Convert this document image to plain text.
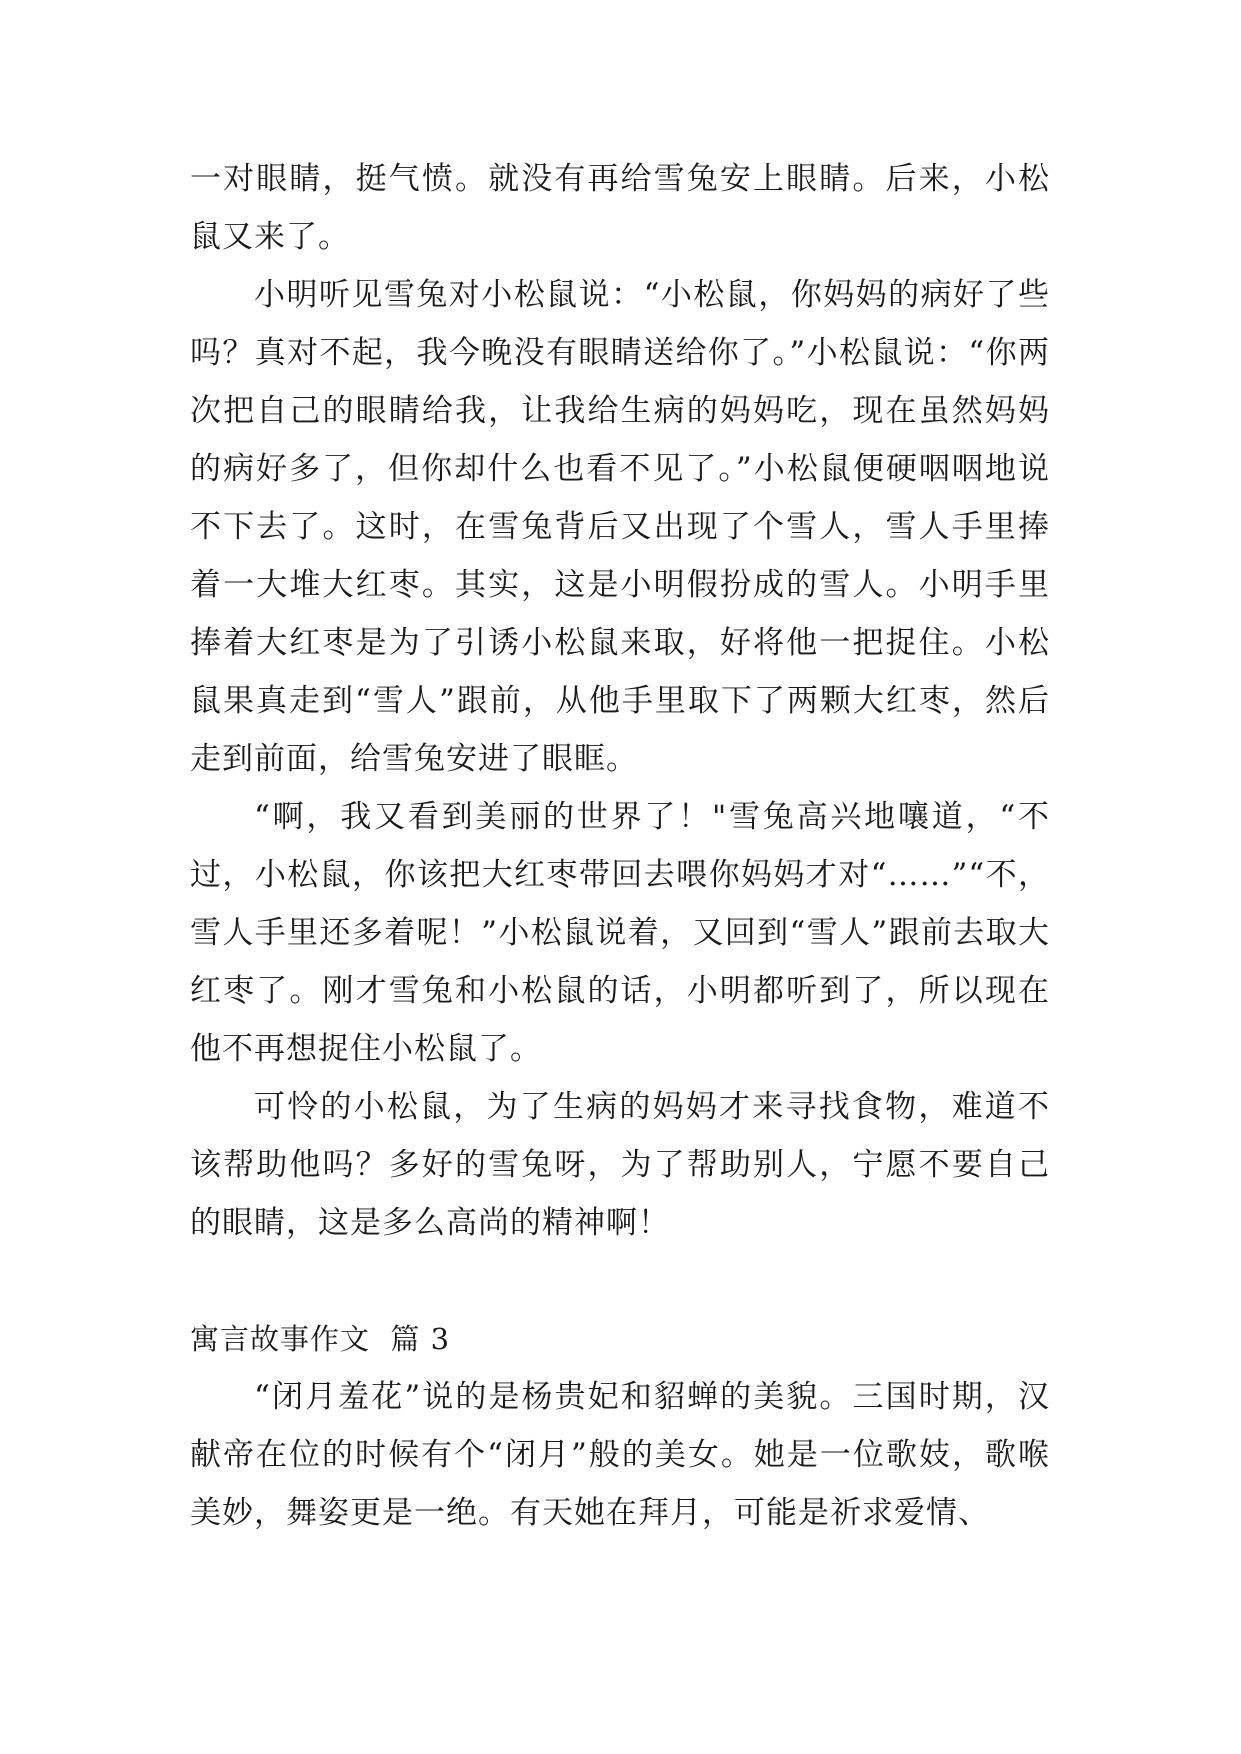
一对眼睛，挺气愤。就没有再给雪兔安上眼睛。后来，小松鼠又来了。

小明听见雪兔对小松鼠说：“小松鼠，你妈妈的病好了些吗？真对不起，我今晚没有眼睛送给你了。”小松鼠说：“你两次把自己的眼睛给我，让我给生病的妈妈吃，现在虽然妈妈的病好多了，但你却什么也看不见了。”小松鼠便硬咽咽地说不下去了。这时，在雪兔背后又出现了个雪人，雪人手里捧着一大堆大红枣。其实，这是小明假扮成的雪人。小明手里捧着大红枣是为了引诱小松鼠来取，好将他一把捉住。小松鼠果真走到“雪人”跟前，从他手里取下了两颗大红枣，然后走到前面，给雪兔安进了眼眶。

“啊，我又看到美丽的世界了！"雪兔高兴地嚷道，“不过，小松鼠，你该把大红枣带回去喂你妈妈才对“……”“不，雪人手里还多着呢！”小松鼠说着，又回到“雪人”跟前去取大红枣了。刚才雪兔和小松鼠的话，小明都听到了，所以现在他不再想捉住小松鼠了。

可怜的小松鼠，为了生病的妈妈才来寻找食物，难道不该帮助他吗？多好的雪兔呀，为了帮助别人，宁愿不要自己的眼睛，这是多么高尚的精神啊！

寓言故事作文  篇 3

“闭月羞花”说的是杨贵妃和貂蝉的美貌。三国时期，汉献帝在位的时候有个“闭月”般的美女。她是一位歌妓，歌喉美妙，舞姿更是一绝。有天她在拜月，可能是祈求爱情、
